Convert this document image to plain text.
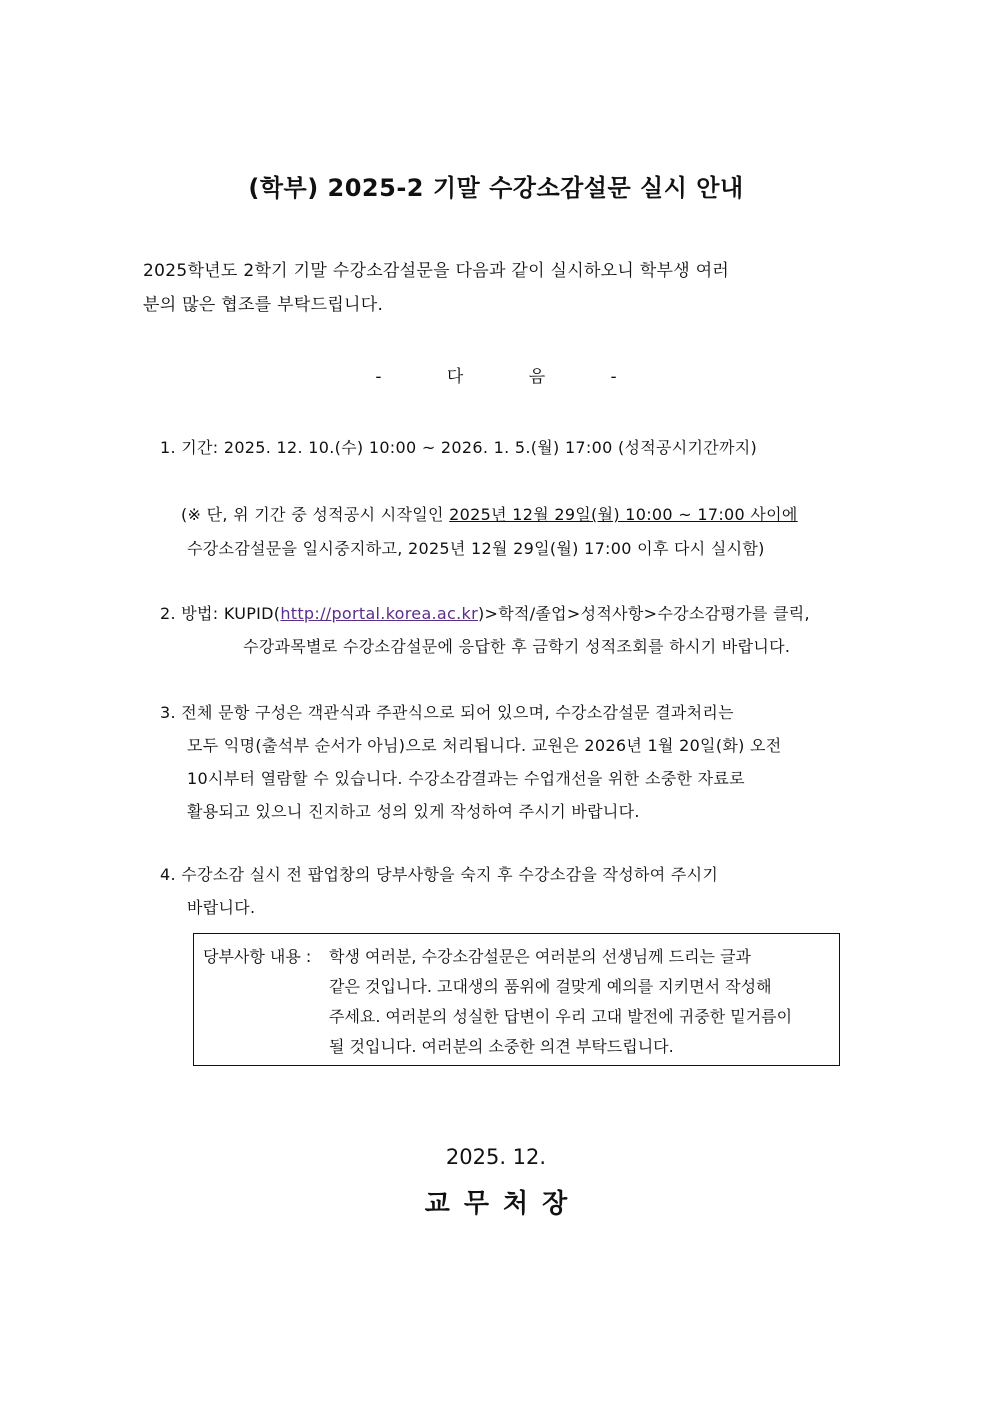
(학부) 2025-2 기말 수강소감설문 실시 안내
2025학년도 2학기 기말 수강소감설문을 다음과 같이 실시하오니 학부생 여러
분의 많은 협조를 부탁드립니다.
- 다 음 -
1. 기간: 2025. 12. 10.(수) 10:00 ~ 2026. 1. 5.(월) 17:00 (성적공시기간까지)
(※ 단, 위 기간 중 성적공시 시작일인 2025년 12월 29일(월) 10:00 ~ 17:00 사이에
수강소감설문을 일시중지하고, 2025년 12월 29일(월) 17:00 이후 다시 실시함)
2. 방법: KUPID(http://portal.korea.ac.kr)>학적/졸업>성적사항>수강소감평가를 클릭,
수강과목별로 수강소감설문에 응답한 후 금학기 성적조회를 하시기 바랍니다.
3. 전체 문항 구성은 객관식과 주관식으로 되어 있으며, 수강소감설문 결과처리는
모두 익명(출석부 순서가 아님)으로 처리됩니다. 교원은 2026년 1월 20일(화) 오전
10시부터 열람할 수 있습니다. 수강소감결과는 수업개선을 위한 소중한 자료로
활용되고 있으니 진지하고 성의 있게 작성하여 주시기 바랍니다.
4. 수강소감 실시 전 팝업창의 당부사항을 숙지 후 수강소감을 작성하여 주시기
바랍니다.
당부사항 내용 : 학생 여러분, 수강소감설문은 여러분의 선생님께 드리는 글과
같은 것입니다. 고대생의 품위에 걸맞게 예의를 지키면서 작성해
주세요. 여러분의 성실한 답변이 우리 고대 발전에 귀중한 밑거름이
될 것입니다. 여러분의 소중한 의견 부탁드립니다.
2025. 12.
교무처장
